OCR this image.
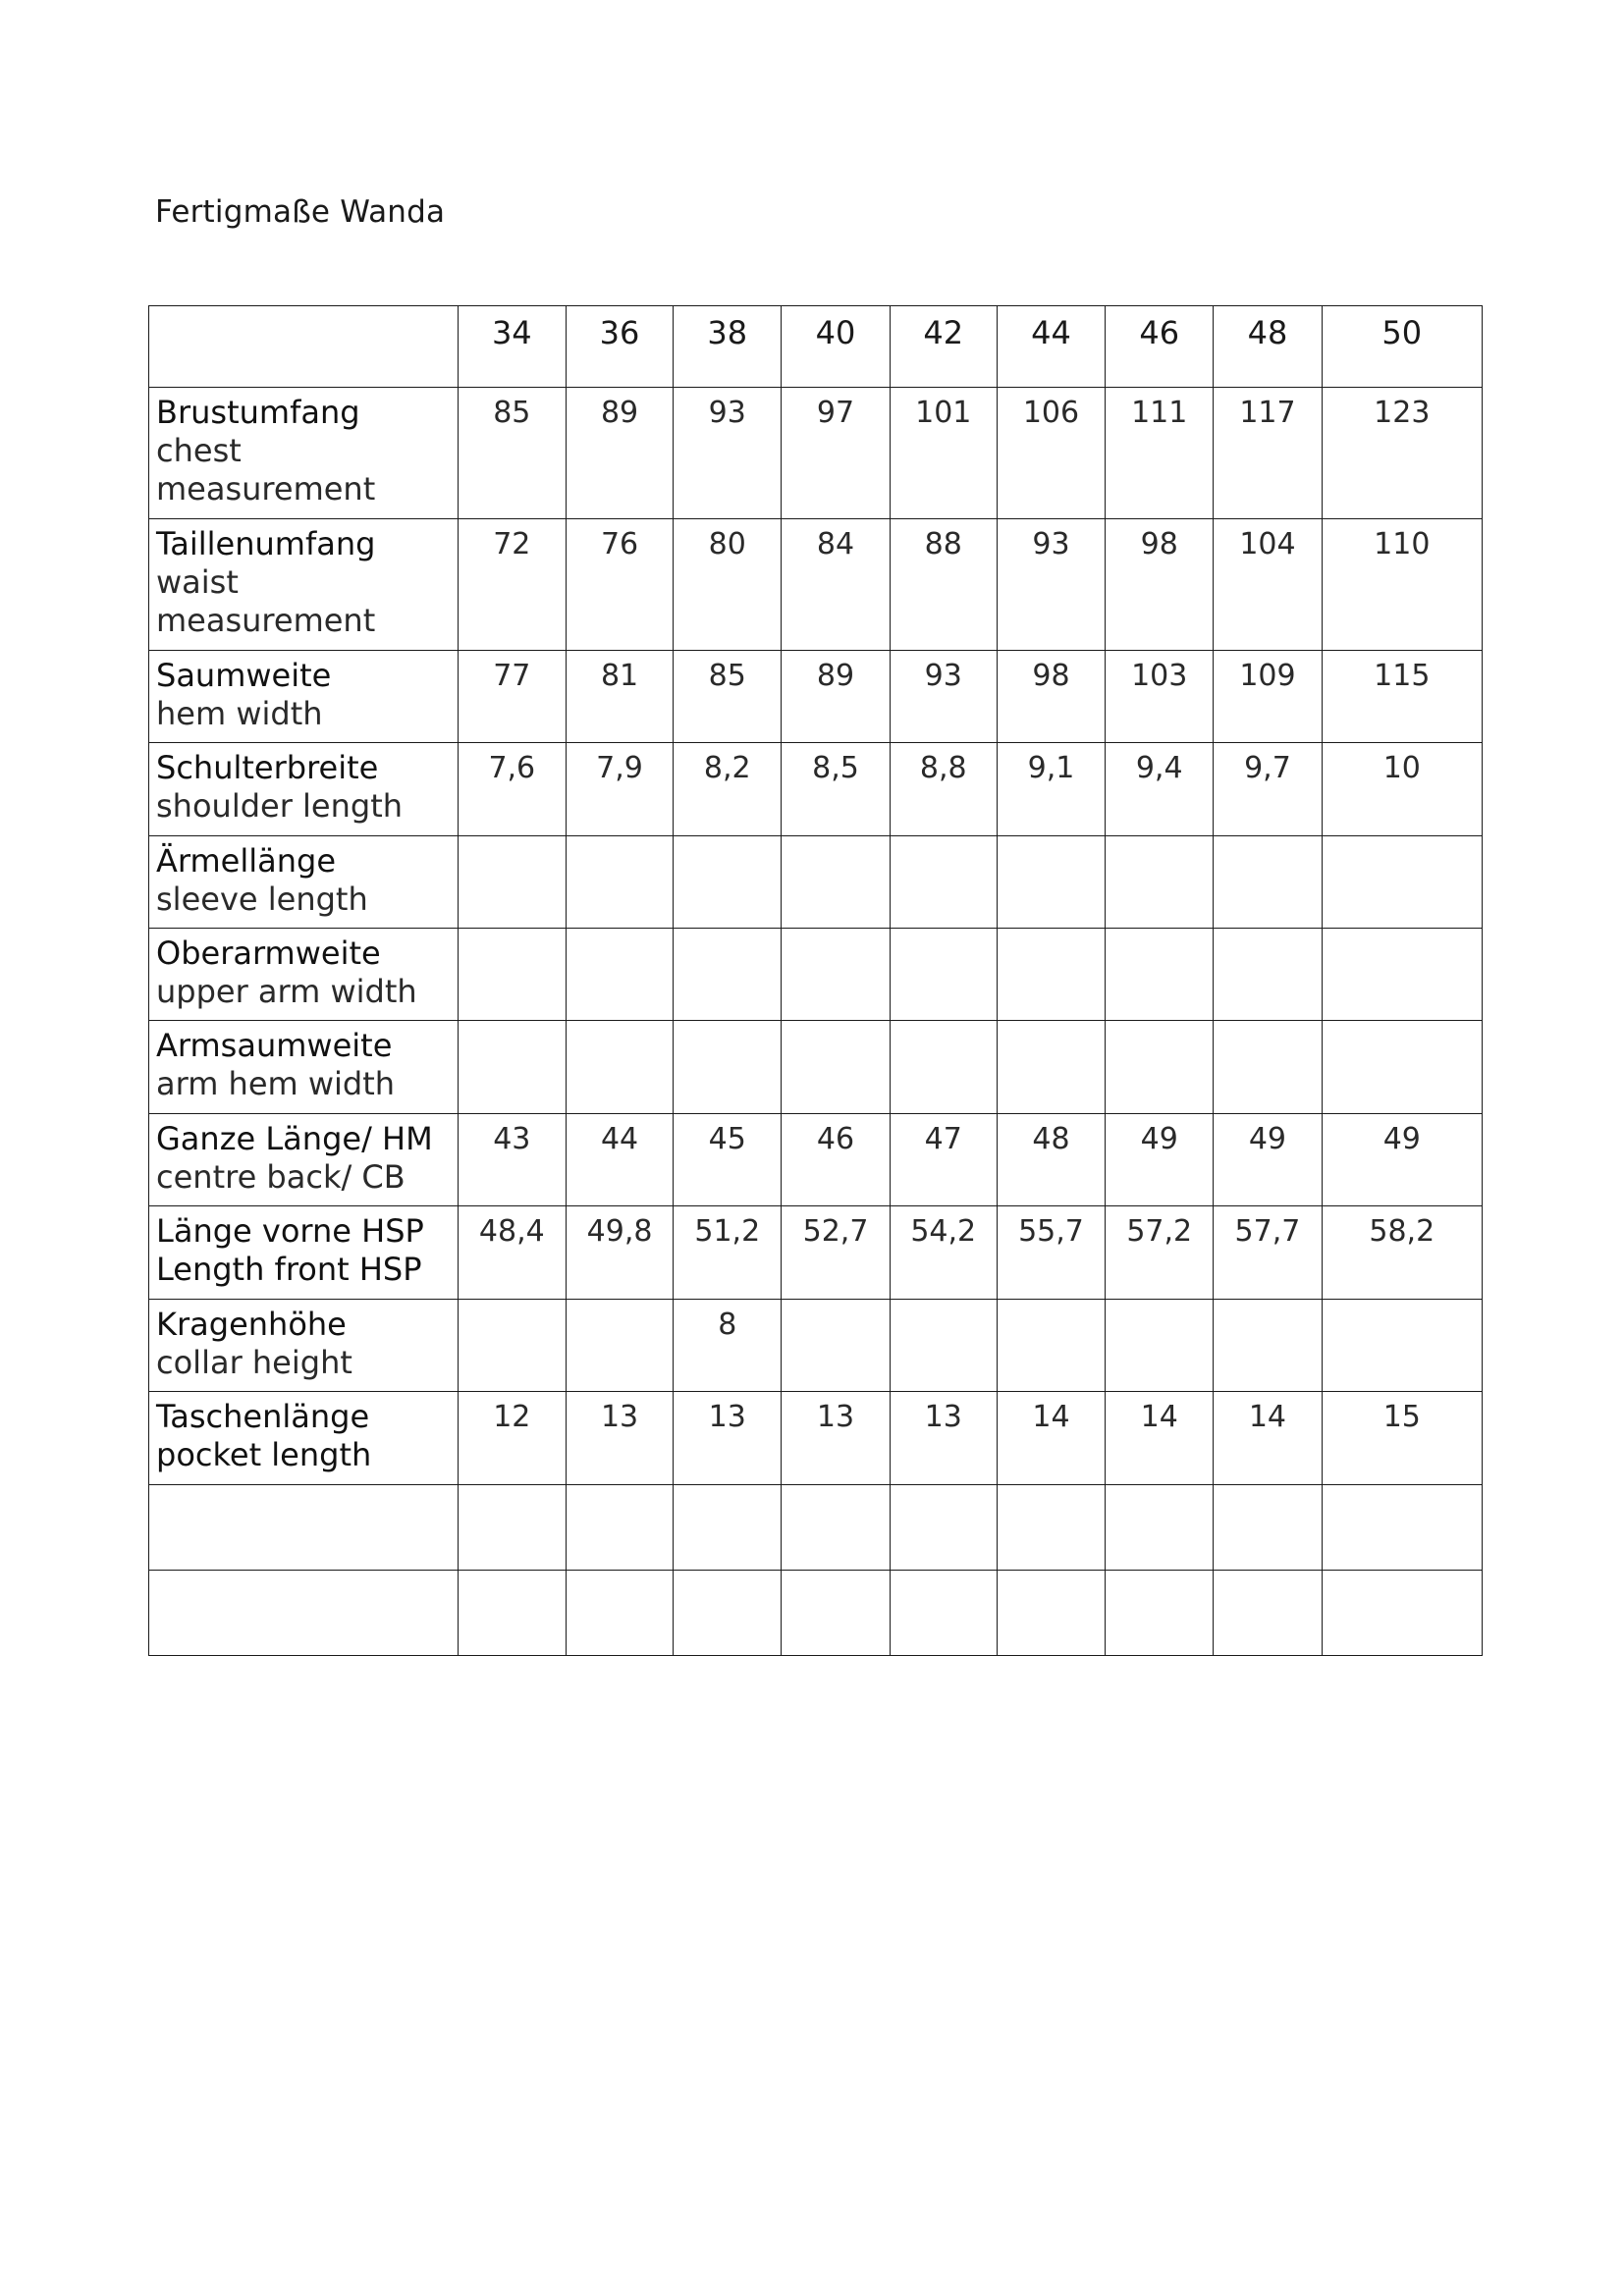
Fertigmaße Wanda
	34	36	38	40	42	44	46	48	50

Brustumfang
chest measurement	85	89	93	97	101	106	111	117	123

Taillenumfang
waist measurement	72	76	80	84	88	93	98	104	110

Saumweite
hem width	77	81	85	89	93	98	103	109	115

Schulterbreite
shoulder length	7,6	7,9	8,2	8,5	8,8	9,1	9,4	9,7	10

Ärmellänge
sleeve length									

Oberarmweite
upper arm width									

Armsaumweite
arm hem width									

Ganze Länge/ HM
centre back/ CB	43	44	45	46	47	48	49	49	49

Länge vorne HSP
Length front HSP	48,4	49,8	51,2	52,7	54,2	55,7	57,2	57,7	58,2

Kragenhöhe
collar height			8						

Taschenlänge
pocket length	12	13	13	13	13	14	14	14	15
